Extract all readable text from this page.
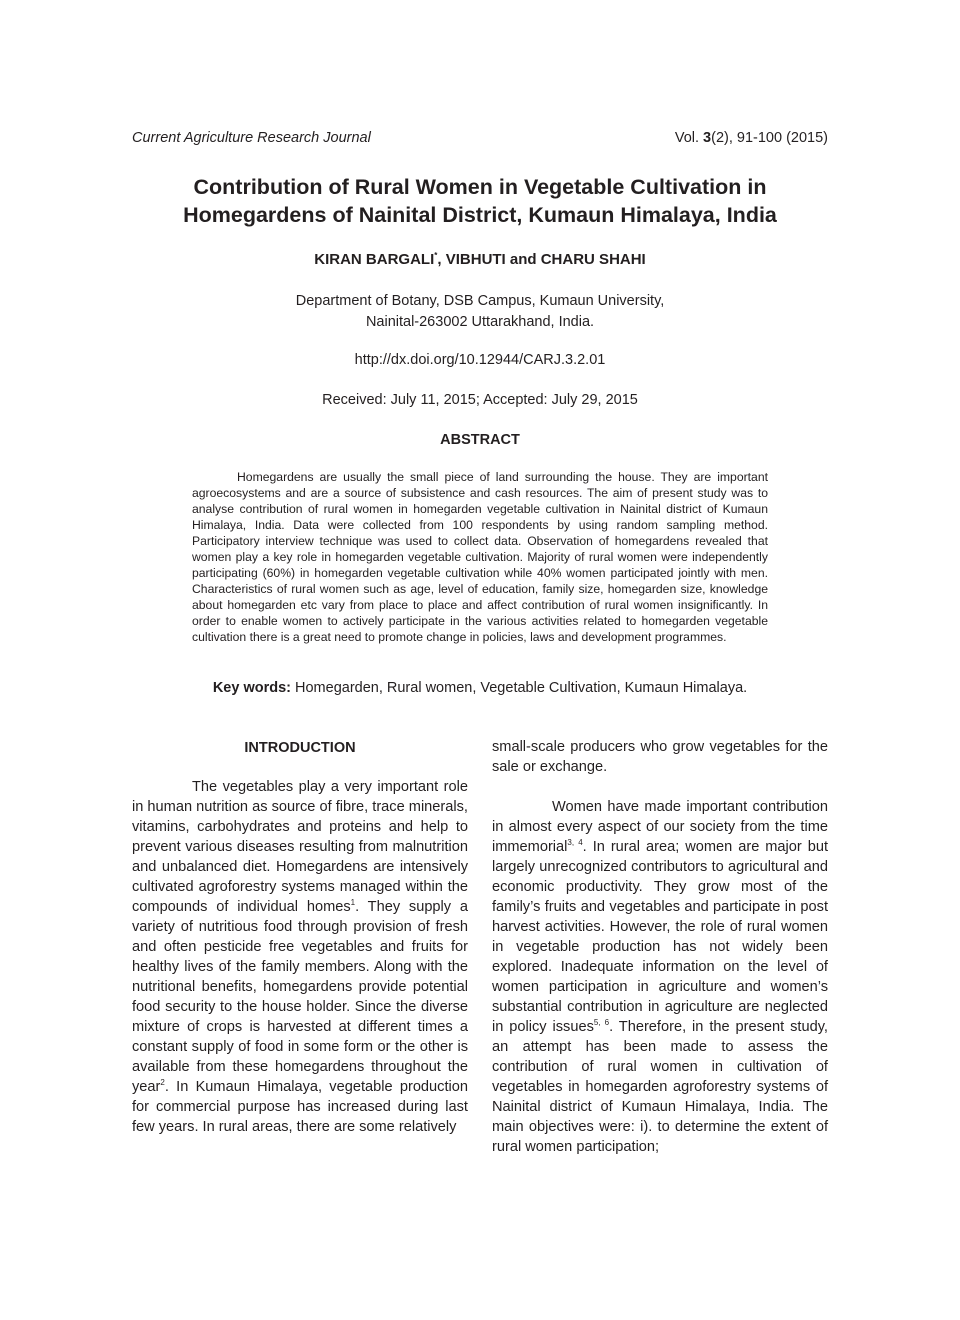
Current Agriculture Research Journal	Vol. 3(2), 91-100 (2015)
Contribution of Rural Women in Vegetable Cultivation in
Homegardens of Nainital District, Kumaun Himalaya, India
KIRAN BARGALI*, VIBHUTI and CHARU SHAHI
Department of Botany, DSB Campus, Kumaun University,
Nainital-263002 Uttarakhand, India.
http://dx.doi.org/10.12944/CARJ.3.2.01
Received: July 11, 2015; Accepted: July 29, 2015
ABSTRACT

Homegardens are usually the small piece of land surrounding the house. They are important agroecosystems and are a source of subsistence and cash resources. The aim of present study was to analyse contribution of rural women in homegarden vegetable cultivation in Nainital district of Kumaun Himalaya, India. Data were collected from 100 respondents by using random sampling method. Participatory interview technique was used to collect data. Observation of homegardens revealed that women play a key role in homegarden vegetable cultivation. Majority of rural women were independently participating (60%) in homegarden vegetable cultivation while 40% women participated jointly with men. Characteristics of rural women such as age, level of education, family size, homegarden size, knowledge about homegarden etc vary from place to place and affect contribution of rural women insignificantly. In order to enable women to actively participate in the various activities related to homegarden vegetable cultivation there is a great need to promote change in policies, laws and development programmes.

Key words: Homegarden, Rural women, Vegetable Cultivation, Kumaun Himalaya.
INTRODUCTION

The vegetables play a very important role in human nutrition as source of fibre, trace minerals, vitamins, carbohydrates and proteins and help to prevent various diseases resulting from malnutrition and unbalanced diet. Homegardens are intensively cultivated agroforestry systems managed within the compounds of individual homes$^1$. They supply a variety of nutritious food through provision of fresh and often pesticide free vegetables and fruits for healthy lives of the family members. Along with the nutritional benefits, homegardens provide potential food security to the house holder. Since the diverse mixture of crops is harvested at different times a constant supply of food in some form or the other is available from these homegardens throughout the year$^2$. In Kumaun Himalaya, vegetable production for commercial purpose has increased during last few years. In rural areas, there are some relatively

small-scale producers who grow vegetables for the sale or exchange.

Women have made important contribution in almost every aspect of our society from the time immemorial$^{3, 4}$. In rural area; women are major but largely unrecognized contributors to agricultural and economic productivity. They grow most of the family’s fruits and vegetables and participate in post harvest activities. However, the role of rural women in vegetable production has not widely been explored. Inadequate information on the level of women participation in agriculture and women’s substantial contribution in agriculture are neglected in policy issues$^{5, 6}$. Therefore, in the present study, an attempt has been made to assess the contribution of rural women in cultivation of vegetables in homegarden agroforestry systems of Nainital district of Kumaun Himalaya, India. The main objectives were: i). to determine the extent of rural women participation;
